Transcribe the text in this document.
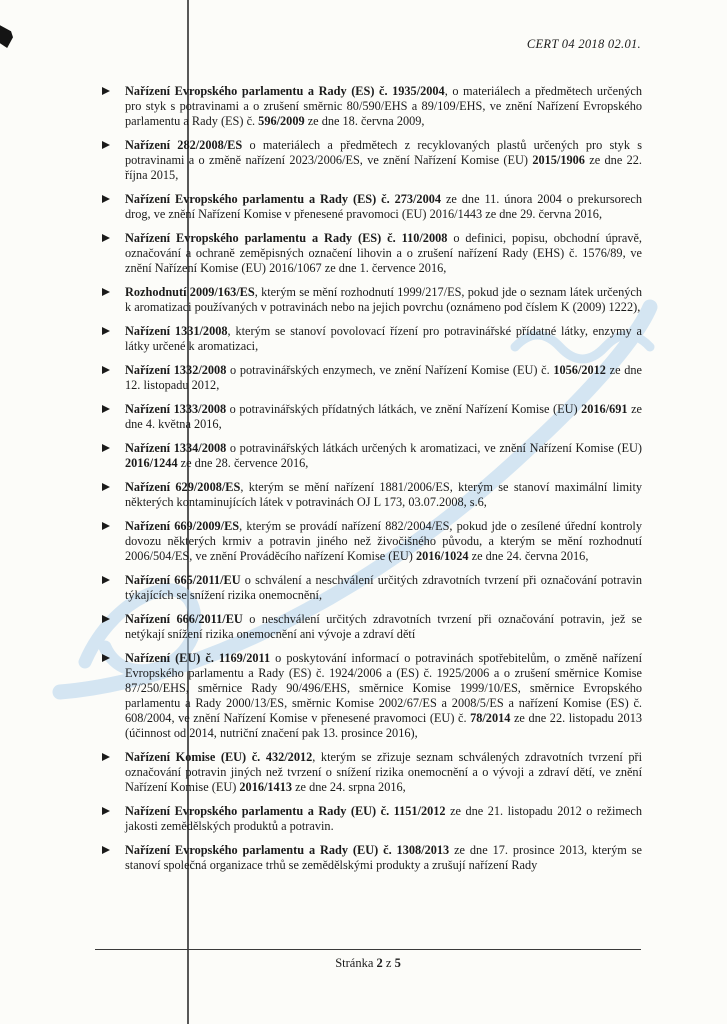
CERT 04 2018 02.01.
Nařízení Evropského parlamentu a Rady (ES) č. 1935/2004, o materiálech a předmětech určených pro styk s potravinami a o zrušení směrnic 80/590/EHS a 89/109/EHS, ve znění Nařízení Evropského parlamentu a Rady (ES) č. 596/2009 ze dne 18. června 2009,
Nařízení 282/2008/ES o materiálech a předmětech z recyklovaných plastů určených pro styk s potravinami a o změně nařízení 2023/2006/ES, ve znění Nařízení Komise (EU) 2015/1906 ze dne 22. října 2015,
Nařízení Evropského parlamentu a Rady (ES) č. 273/2004 ze dne 11. února 2004 o prekursorech drog, ve znění Nařízení Komise v přenesené pravomoci (EU) 2016/1443 ze dne 29. června 2016,
Nařízení Evropského parlamentu a Rady (ES) č. 110/2008 o definici, popisu, obchodní úpravě, označování a ochraně zeměpisných označení lihovin a o zrušení nařízení Rady (EHS) č. 1576/89, ve znění Nařízení Komise (EU) 2016/1067 ze dne 1. července 2016,
Rozhodnutí 2009/163/ES, kterým se mění rozhodnutí 1999/217/ES, pokud jde o seznam látek určených k aromatizaci používaných v potravinách nebo na jejich povrchu (oznámeno pod číslem K (2009) 1222),
Nařízení 1331/2008, kterým se stanoví povolovací řízení pro potravinářské přídatné látky, enzymy a látky určené k aromatizaci,
Nařízení 1332/2008 o potravinářských enzymech, ve znění Nařízení Komise (EU) č. 1056/2012 ze dne 12. listopadu 2012,
Nařízení 1333/2008 o potravinářských přídatných látkách, ve znění Nařízení Komise (EU) 2016/691 ze dne 4. května 2016,
Nařízení 1334/2008 o potravinářských látkách určených k aromatizaci, ve znění Nařízení Komise (EU) 2016/1244 ze dne 28. července 2016,
Nařízení 629/2008/ES, kterým se mění nařízení 1881/2006/ES, kterým se stanoví maximální limity některých kontaminujících látek v potravinách OJ L 173, 03.07.2008, s.6,
Nařízení 669/2009/ES, kterým se provádí nařízení 882/2004/ES, pokud jde o zesílené úřední kontroly dovozu některých krmiv a potravin jiného než živočišného původu, a kterým se mění rozhodnutí 2006/504/ES, ve znění Prováděcího nařízení Komise (EU) 2016/1024 ze dne 24. června 2016,
Nařízení 665/2011/EU o schválení a neschválení určitých zdravotních tvrzení při označování potravin týkajících se snížení rizika onemocnění,
Nařízení 666/2011/EU o neschválení určitých zdravotních tvrzení při označování potravin, jež se netýkají snížení rizika onemocnění ani vývoje a zdraví dětí
Nařízení (EU) č. 1169/2011 o poskytování informací o potravinách spotřebitelům, o změně nařízení Evropského parlamentu a Rady (ES) č. 1924/2006 a (ES) č. 1925/2006 a o zrušení směrnice Komise 87/250/EHS, směrnice Rady 90/496/EHS, směrnice Komise 1999/10/ES, směrnice Evropského parlamentu a Rady 2000/13/ES, směrnic Komise 2002/67/ES a 2008/5/ES a nařízení Komise (ES) č. 608/2004, ve znění Nařízení Komise v přenesené pravomoci (EU) č. 78/2014 ze dne 22. listopadu 2013 (účinnost od 2014, nutriční značení pak 13. prosince 2016),
Nařízení Komise (EU) č. 432/2012, kterým se zřizuje seznam schválených zdravotních tvrzení při označování potravin jiných než tvrzení o snížení rizika onemocnění a o vývoji a zdraví dětí, ve znění Nařízení Komise (EU) 2016/1413 ze dne 24. srpna 2016,
Nařízení Evropského parlamentu a Rady (EU) č. 1151/2012 ze dne 21. listopadu 2012 o režimech jakosti zemědělských produktů a potravin.
Nařízení Evropského parlamentu a Rady (EU) č. 1308/2013 ze dne 17. prosince 2013, kterým se stanoví společná organizace trhů se zemědělskými produkty a zrušují nařízení Rady
Stránka 2 z 5
